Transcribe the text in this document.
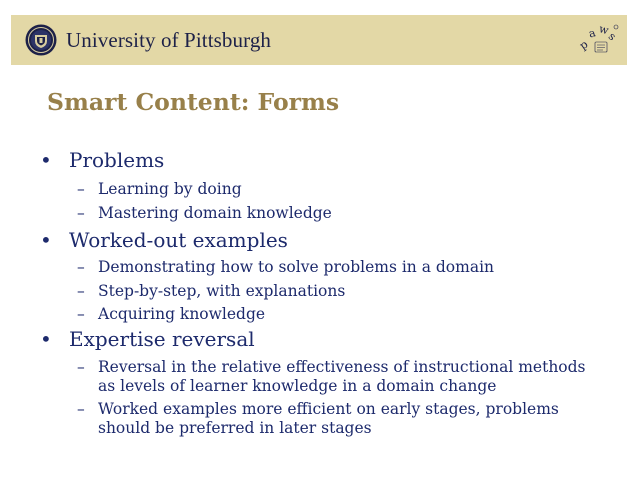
University of Pittsburgh	p
a w
s
Smart Content: Forms
• Problems
– Learning by doing
– Mastering domain knowledge
• Worked-out examples
– Demonstrating how to solve problems in a domain
– Step-by-step, with explanations
– Acquiring knowledge
• Expertise reversal
– Reversal in the relative effectiveness of instructional methods as levels of learner knowledge in a domain change
– Worked examples more efficient on early stages, problems should be preferred in later stages
